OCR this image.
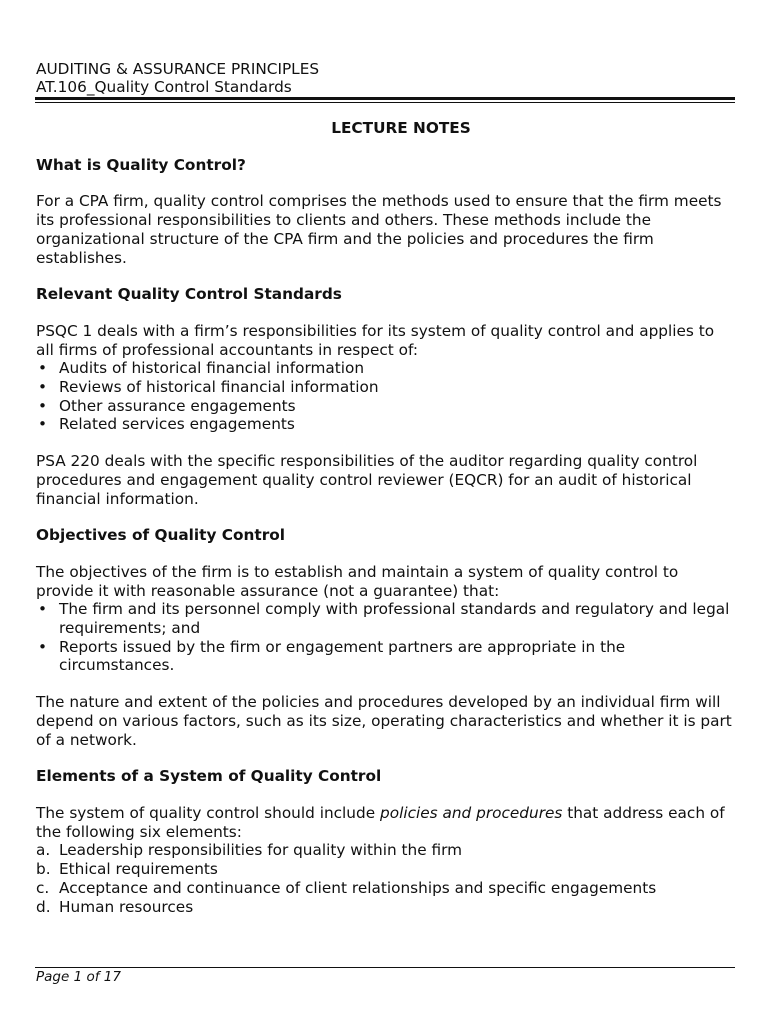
AUDITING & ASSURANCE PRINCIPLES
AT.106_Quality Control Standards

LECTURE NOTES

What is Quality Control?

For a CPA firm, quality control comprises the methods used to ensure that the firm meets its professional responsibilities to clients and others. These methods include the organizational structure of the CPA firm and the policies and procedures the firm establishes.

Relevant Quality Control Standards

PSQC 1 deals with a firm’s responsibilities for its system of quality control and applies to all firms of professional accountants in respect of:

• Audits of historical financial information
• Reviews of historical financial information
• Other assurance engagements
• Related services engagements

PSA 220 deals with the specific responsibilities of the auditor regarding quality control procedures and engagement quality control reviewer (EQCR) for an audit of historical financial information.

Objectives of Quality Control

The objectives of the firm is to establish and maintain a system of quality control to provide it with reasonable assurance (not a guarantee) that:

• The firm and its personnel comply with professional standards and regulatory and legal requirements; and
• Reports issued by the firm or engagement partners are appropriate in the circumstances.

The nature and extent of the policies and procedures developed by an individual firm will depend on various factors, such as its size, operating characteristics and whether it is part of a network.

Elements of a System of Quality Control

The system of quality control should include policies and procedures that address each of the following six elements:

a. Leadership responsibilities for quality within the firm
b. Ethical requirements
c. Acceptance and continuance of client relationships and specific engagements
d. Human resources
Page 1 of 17
